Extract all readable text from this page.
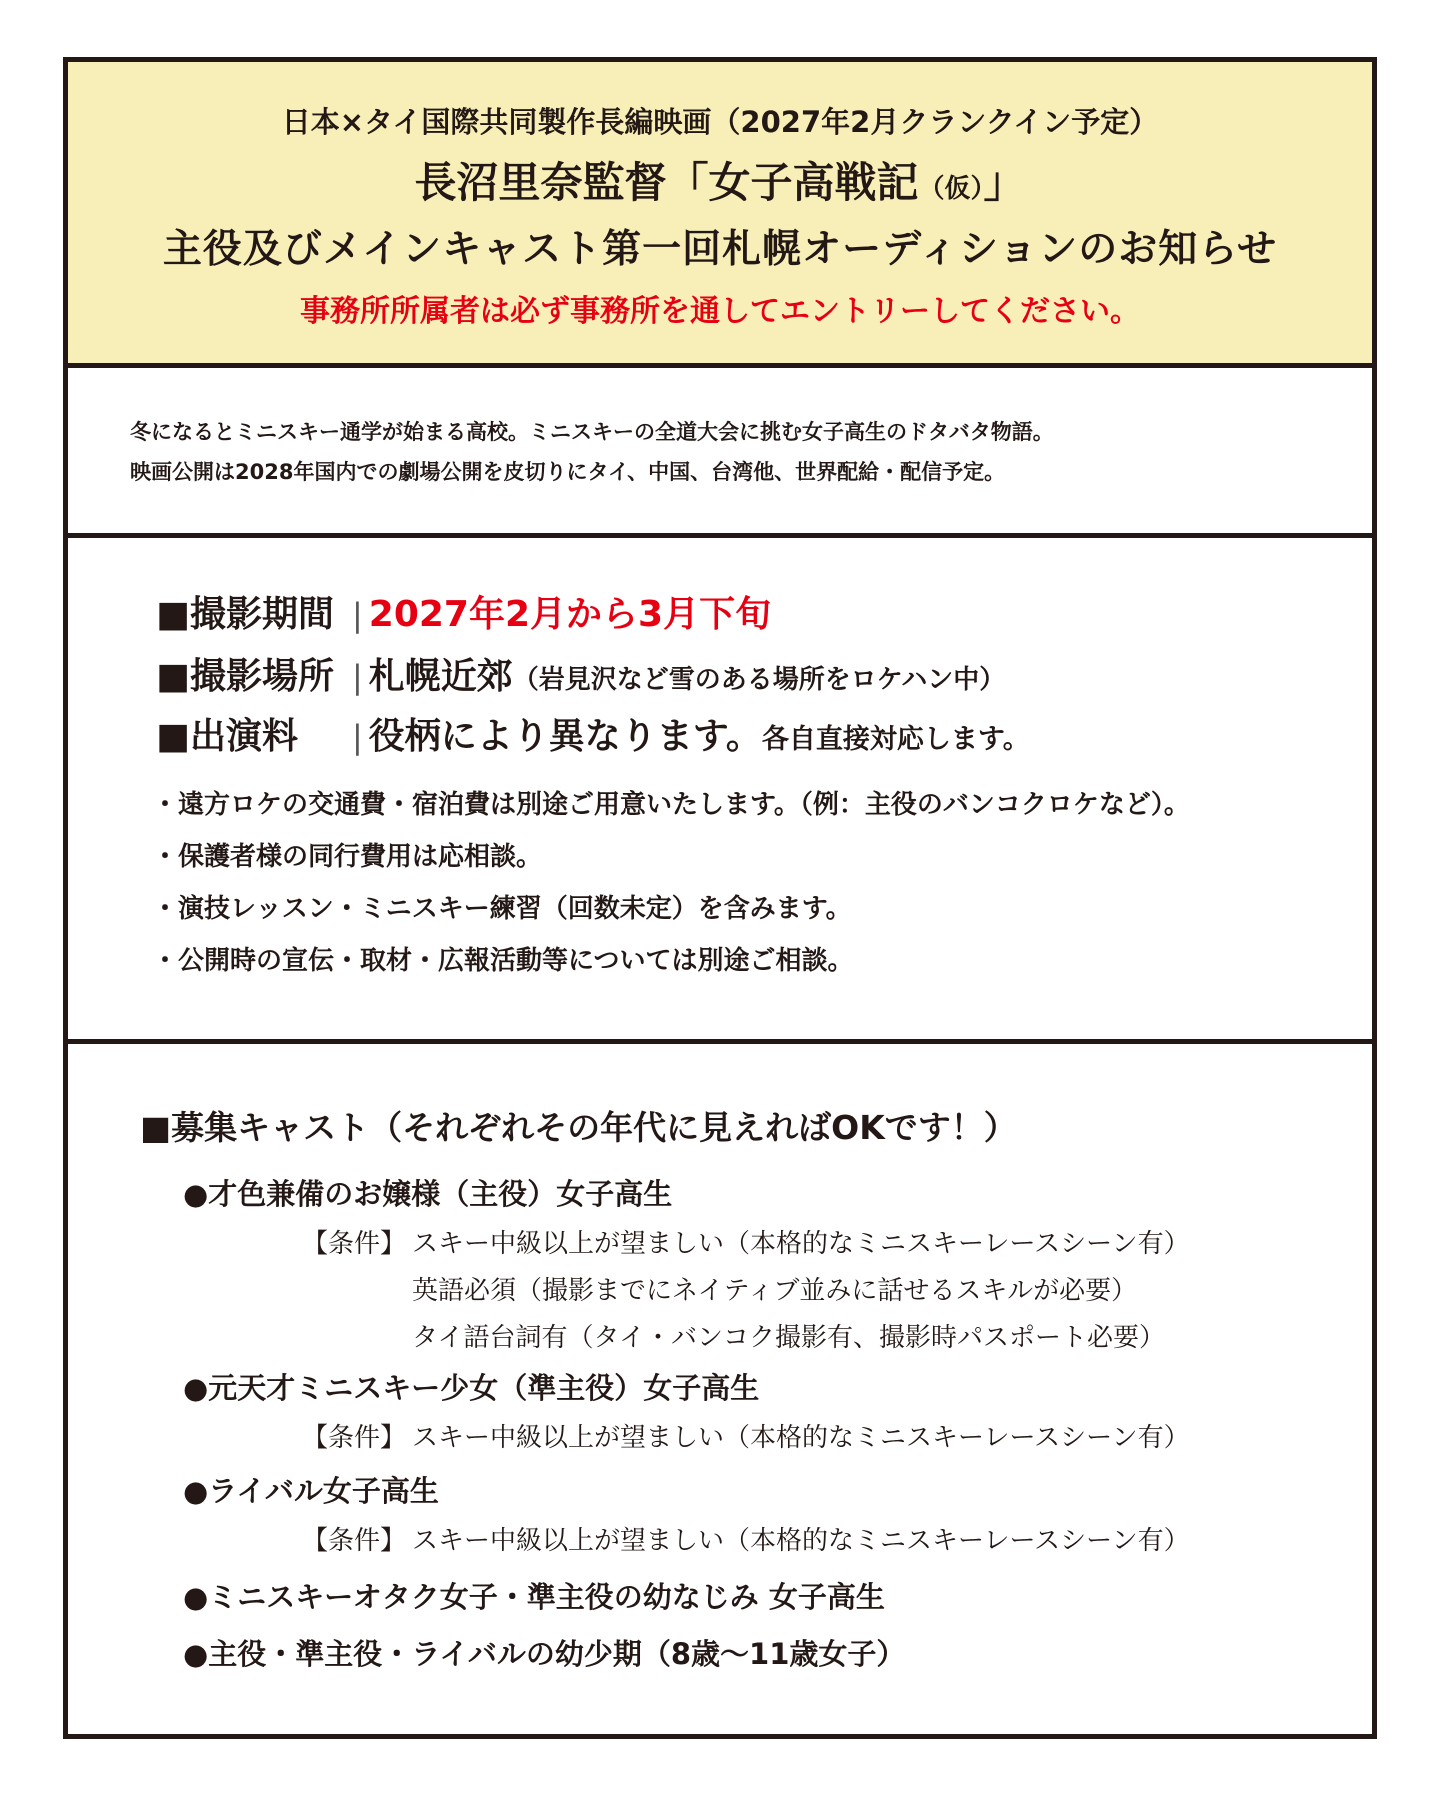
日本×タイ国際共同製作長編映画（2027年2月クランクイン予定）
長沼里奈監督「女子高戦記（仮）」
主役及びメインキャスト第一回札幌オーディションのお知らせ
事務所所属者は必ず事務所を通してエントリーしてください。
冬になるとミニスキー通学が始まる高校。ミニスキーの全道大会に挑む女子高生のドタバタ物語。
映画公開は2028年国内での劇場公開を皮切りにタイ、中国、台湾他、世界配給・配信予定。
■撮影期間 | 2027年2月から3月下旬
■撮影場所 | 札幌近郊（岩見沢など雪のある場所をロケハン中）
■出演料 | 役柄により異なります。各自直接対応します。
・遠方ロケの交通費・宿泊費は別途ご用意いたします。（例：主役のバンコクロケなど）。
・保護者様の同行費用は応相談。
・演技レッスン・ミニスキー練習（回数未定）を含みます。
・公開時の宣伝・取材・広報活動等については別途ご相談。
■募集キャスト（それぞれその年代に見えればOKです！）
●才色兼備のお嬢様（主役）女子高生
【条件】 スキー中級以上が望ましい（本格的なミニスキーレースシーン有）
英語必須（撮影までにネイティブ並みに話せるスキルが必要）
タイ語台詞有（タイ・バンコク撮影有、撮影時パスポート必要）
●元天才ミニスキー少女（準主役）女子高生
【条件】 スキー中級以上が望ましい（本格的なミニスキーレースシーン有）
●ライバル女子高生
【条件】 スキー中級以上が望ましい（本格的なミニスキーレースシーン有）
●ミニスキーオタク女子・準主役の幼なじみ 女子高生
●主役・準主役・ライバルの幼少期（8歳〜11歳女子）
